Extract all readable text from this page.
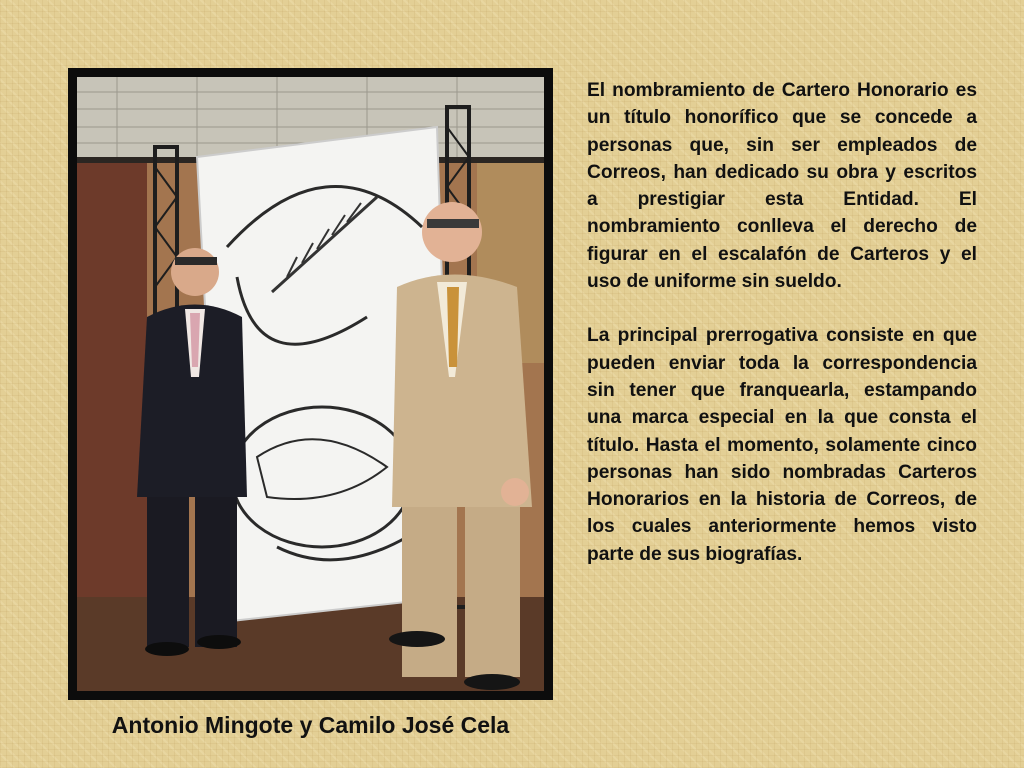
Antonio Mingote y Camilo José Cela

El nombramiento de Cartero Honorario es un título honorífico que se concede a personas que, sin ser empleados de Correos, han dedicado su obra y escritos a prestigiar esta Entidad. El nombramiento conlleva el derecho de figurar en el escalafón de Carteros y el uso de uniforme sin sueldo.

La principal prerrogativa consiste en que pueden enviar toda la correspondencia sin tener que franquearla, estampando una marca especial en la que consta el título. Hasta el momento, solamente cinco personas han sido nombradas Carteros Honorarios en la historia de Correos, de los cuales anteriormente hemos visto parte de sus biografías.
